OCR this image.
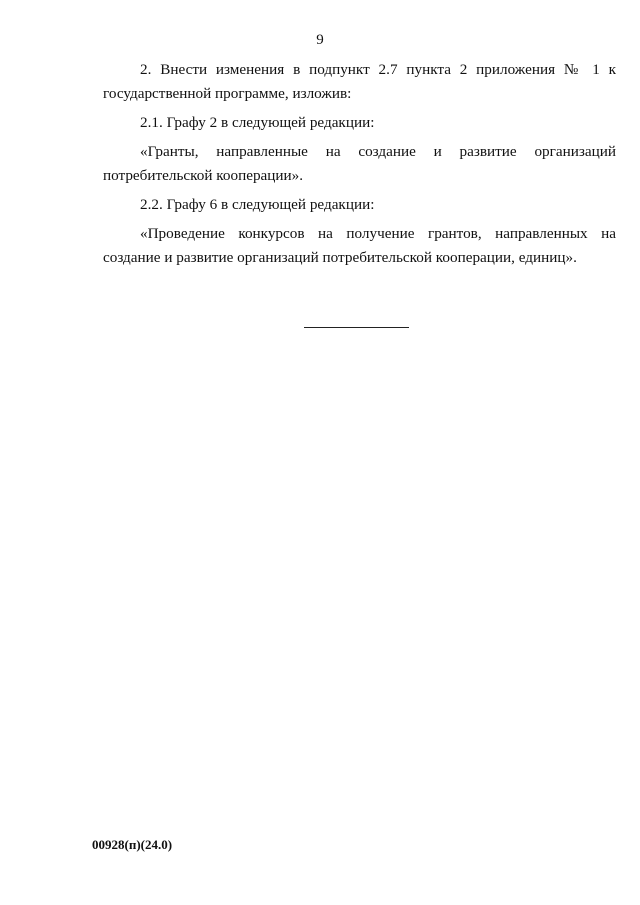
9

2. Внести изменения в подпункт 2.7 пункта 2 приложения № 1 к государственной программе, изложив:

2.1. Графу 2 в следующей редакции:

«Гранты, направленные на создание и развитие организаций потребительской кооперации».

2.2. Графу 6 в следующей редакции:

«Проведение конкурсов на получение грантов, направленных на создание и развитие организаций потребительской кооперации, единиц».

00928(п)(24.0)
